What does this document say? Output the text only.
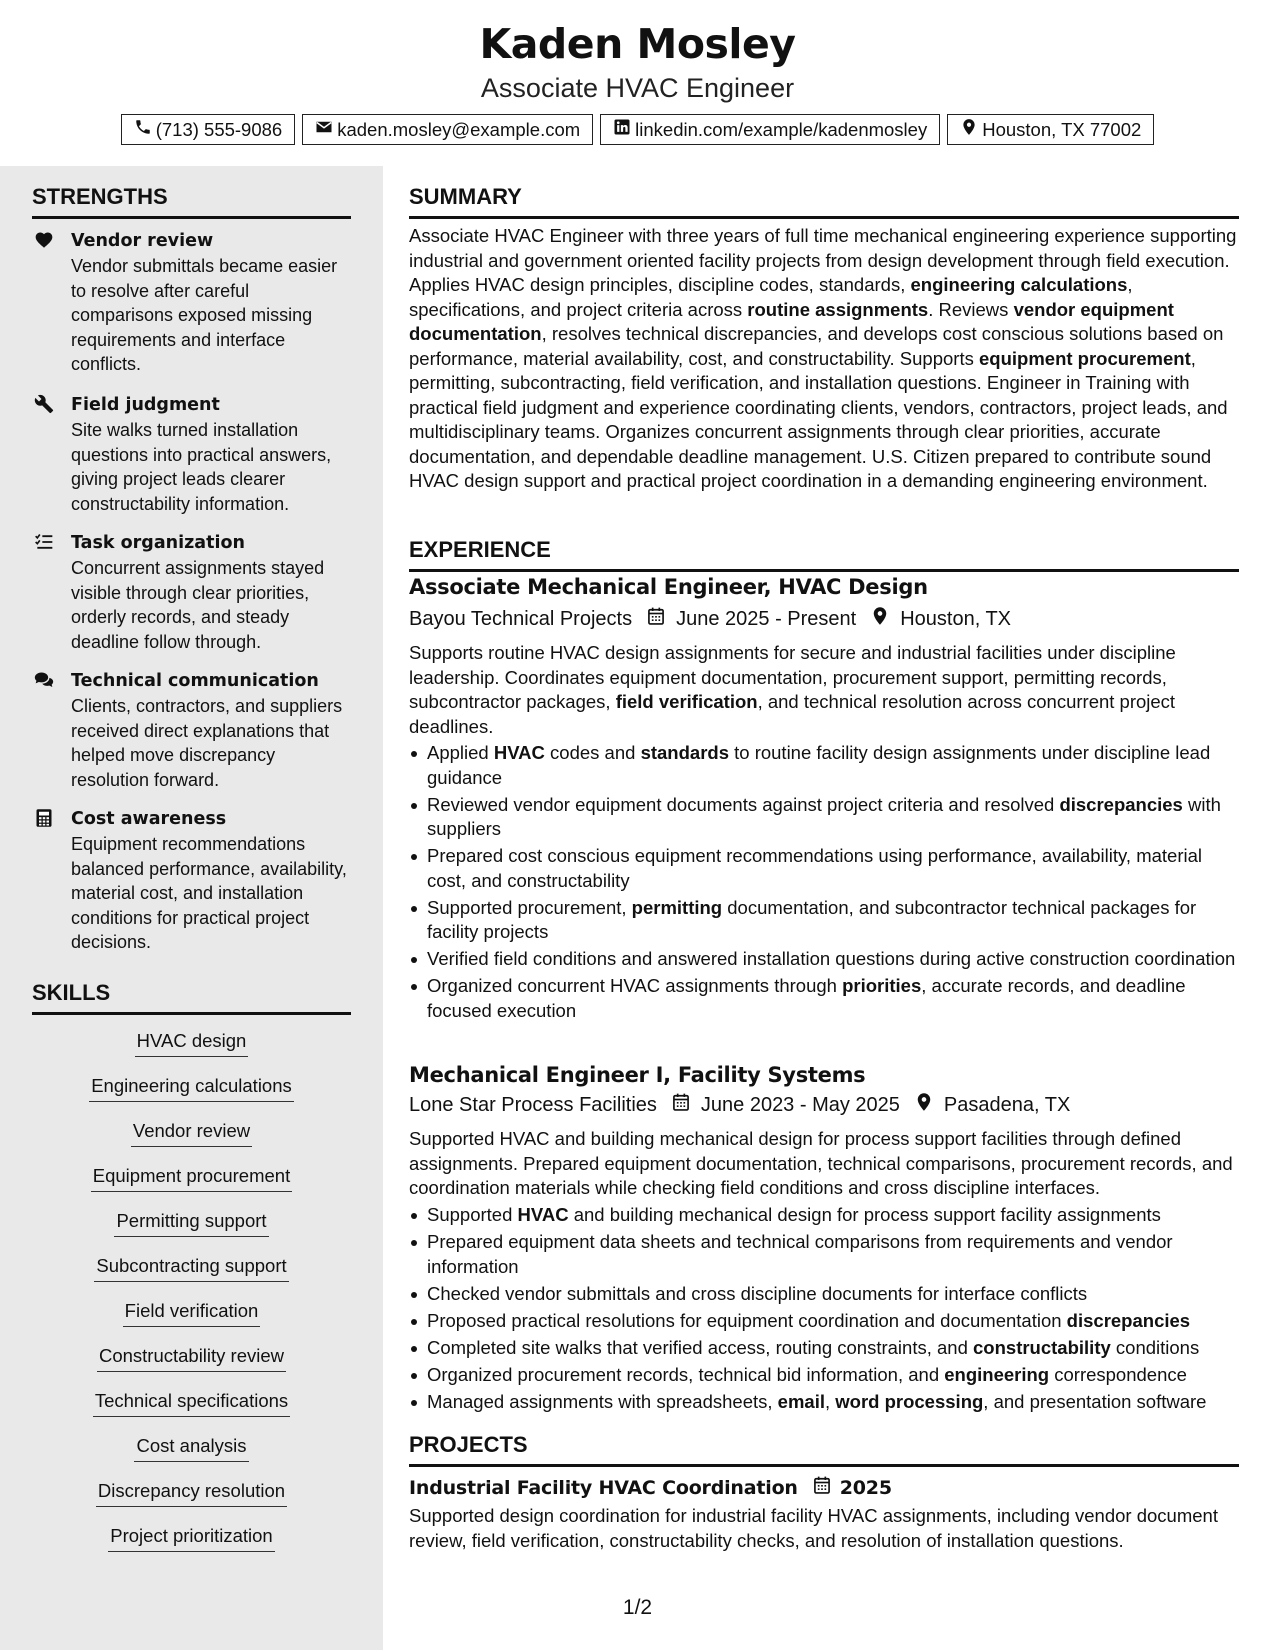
Kaden Mosley
Associate HVAC Engineer
(713) 555-9086	kaden.mosley@example.com	linkedin.com/example/kadenmosley	Houston, TX 77002
STRENGTHS
Vendor review
Vendor submittals became easier to resolve after careful comparisons exposed missing requirements and interface conflicts.
Field judgment
Site walks turned installation questions into practical answers, giving project leads clearer constructability information.
Task organization
Concurrent assignments stayed visible through clear priorities, orderly records, and steady deadline follow through.
Technical communication
Clients, contractors, and suppliers received direct explanations that helped move discrepancy resolution forward.
Cost awareness
Equipment recommendations balanced performance, availability, material cost, and installation conditions for practical project decisions.
SKILLS
HVAC design
Engineering calculations
Vendor review
Equipment procurement
Permitting support
Subcontracting support
Field verification
Constructability review
Technical specifications
Cost analysis
Discrepancy resolution
Project prioritization
SUMMARY
Associate HVAC Engineer with three years of full time mechanical engineering experience supporting industrial and government oriented facility projects from design development through field execution. Applies HVAC design principles, discipline codes, standards, engineering calculations, specifications, and project criteria across routine assignments. Reviews vendor equipment documentation, resolves technical discrepancies, and develops cost conscious solutions based on performance, material availability, cost, and constructability. Supports equipment procurement, permitting, subcontracting, field verification, and installation questions. Engineer in Training with practical field judgment and experience coordinating clients, vendors, contractors, project leads, and multidisciplinary teams. Organizes concurrent assignments through clear priorities, accurate documentation, and dependable deadline management. U.S. Citizen prepared to contribute sound HVAC design support and practical project coordination in a demanding engineering environment.
EXPERIENCE
Associate Mechanical Engineer, HVAC Design
Bayou Technical Projects June 2025 - Present Houston, TX
Supports routine HVAC design assignments for secure and industrial facilities under discipline leadership. Coordinates equipment documentation, procurement support, permitting records, subcontractor packages, field verification, and technical resolution across concurrent project deadlines.
Applied HVAC codes and standards to routine facility design assignments under discipline lead guidance
Reviewed vendor equipment documents against project criteria and resolved discrepancies with suppliers
Prepared cost conscious equipment recommendations using performance, availability, material cost, and constructability
Supported procurement, permitting documentation, and subcontractor technical packages for facility projects
Verified field conditions and answered installation questions during active construction coordination
Organized concurrent HVAC assignments through priorities, accurate records, and deadline focused execution
Mechanical Engineer I, Facility Systems
Lone Star Process Facilities June 2023 - May 2025 Pasadena, TX
Supported HVAC and building mechanical design for process support facilities through defined assignments. Prepared equipment documentation, technical comparisons, procurement records, and coordination materials while checking field conditions and cross discipline interfaces.
Supported HVAC and building mechanical design for process support facility assignments
Prepared equipment data sheets and technical comparisons from requirements and vendor information
Checked vendor submittals and cross discipline documents for interface conflicts
Proposed practical resolutions for equipment coordination and documentation discrepancies
Completed site walks that verified access, routing constraints, and constructability conditions
Organized procurement records, technical bid information, and engineering correspondence
Managed assignments with spreadsheets, email, word processing, and presentation software
PROJECTS
Industrial Facility HVAC Coordination 2025
Supported design coordination for industrial facility HVAC assignments, including vendor document review, field verification, constructability checks, and resolution of installation questions.
1/2
